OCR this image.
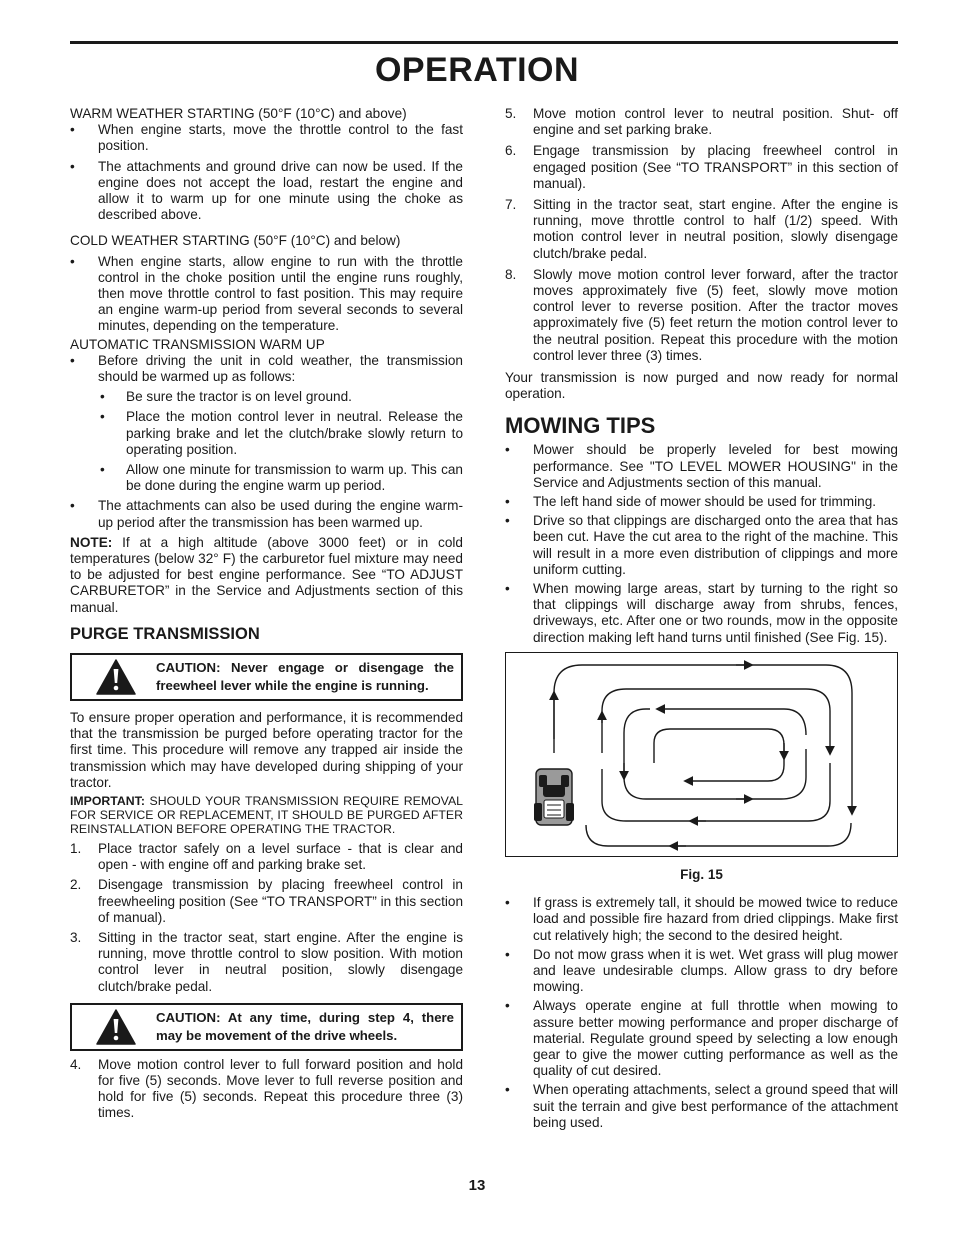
OPERATION
WARM WEATHER STARTING (50°F (10°C) and above)
• When engine starts, move the throttle control to the fast position.
• The attachments and ground drive can now be used. If the engine does not accept the load, restart the engine and allow it to warm up for one minute using the choke as described above.
COLD WEATHER STARTING (50°F (10°C) and below)
• When engine starts, allow engine to run with the throttle control in the choke position until the engine runs roughly, then move throttle control to fast position. This may require an engine warm-up period from several seconds to several minutes, depending on the temperature.
AUTOMATIC TRANSMISSION WARM UP
• Before driving the unit in cold weather, the transmission should be warmed up as follows:
• Be sure the tractor is on level ground.
• Place the motion control lever in neutral. Release the parking brake and let the clutch/brake slowly return to operating position.
• Allow one minute for transmission to warm up. This can be done during the engine warm up period.
• The attachments can also be used during the engine warm-up period after the transmission has been warmed up.
NOTE: If at a high altitude (above 3000 feet) or in cold temperatures (below 32° F) the carburetor fuel mixture may need to be adjusted for best engine performance. See “TO ADJUST CARBURETOR” in the Service and Adjustments section of this manual.
PURGE TRANSMISSION
CAUTION: Never engage or disengage the freewheel lever while the engine is running.
To ensure proper operation and performance, it is recommended that the transmission be purged before operating tractor for the first time. This procedure will remove any trapped air inside the transmission which may have developed during shipping of your tractor.
IMPORTANT: SHOULD YOUR TRANSMISSION REQUIRE REMOVAL FOR SERVICE OR REPLACEMENT, IT SHOULD BE PURGED AFTER REINSTALLATION BEFORE OPERATING THE TRACTOR.
1. Place tractor safely on a level surface - that is clear and open - with engine off and parking brake set.
2. Disengage transmission by placing freewheel control in freewheeling position (See “TO TRANSPORT” in this section of manual).
3. Sitting in the tractor seat, start engine. After the engine is running, move throttle control to slow position. With motion control lever in neutral position, slowly disengage clutch/brake pedal.
CAUTION: At any time, during step 4, there may be movement of the drive wheels.
4. Move motion control lever to full forward position and hold for five (5) seconds. Move lever to full reverse position and hold for five (5) seconds. Repeat this procedure three (3) times.
5. Move motion control lever to neutral position. Shut- off engine and set parking brake.
6. Engage transmission by placing freewheel control in engaged position (See “TO TRANSPORT” in this section of manual).
7. Sitting in the tractor seat, start engine. After the engine is running, move throttle control to half (1/2) speed. With motion control lever in neutral position, slowly disengage clutch/brake pedal.
8. Slowly move motion control lever forward, after the tractor moves approximately five (5) feet, slowly move motion control lever to reverse position. After the tractor moves approximately five (5) feet return the motion control lever to the neutral position. Repeat this procedure with the motion control lever three (3) times.
Your transmission is now purged and now ready for normal operation.
MOWING TIPS
• Mower should be properly leveled for best mowing performance. See "TO LEVEL MOWER HOUSING" in the Service and Adjustments section of this manual.
• The left hand side of mower should be used for trimming.
• Drive so that clippings are discharged onto the area that has been cut. Have the cut area to the right of the machine. This will result in a more even distribution of clippings and more uniform cutting.
• When mowing large areas, start by turning to the right so that clippings will discharge away from shrubs, fences, driveways, etc. After one or two rounds, mow in the opposite direction making left hand turns until finished (See Fig. 15).
Fig. 15
• If grass is extremely tall, it should be mowed twice to reduce load and possible fire hazard from dried clippings. Make first cut relatively high; the second to the desired height.
• Do not mow grass when it is wet. Wet grass will plug mower and leave undesirable clumps. Allow grass to dry before mowing.
• Always operate engine at full throttle when mowing to assure better mowing performance and proper discharge of material. Regulate ground speed by selecting a low enough gear to give the mower cutting performance as well as the quality of cut desired.
• When operating attachments, select a ground speed that will suit the terrain and give best performance of the attachment being used.
13
